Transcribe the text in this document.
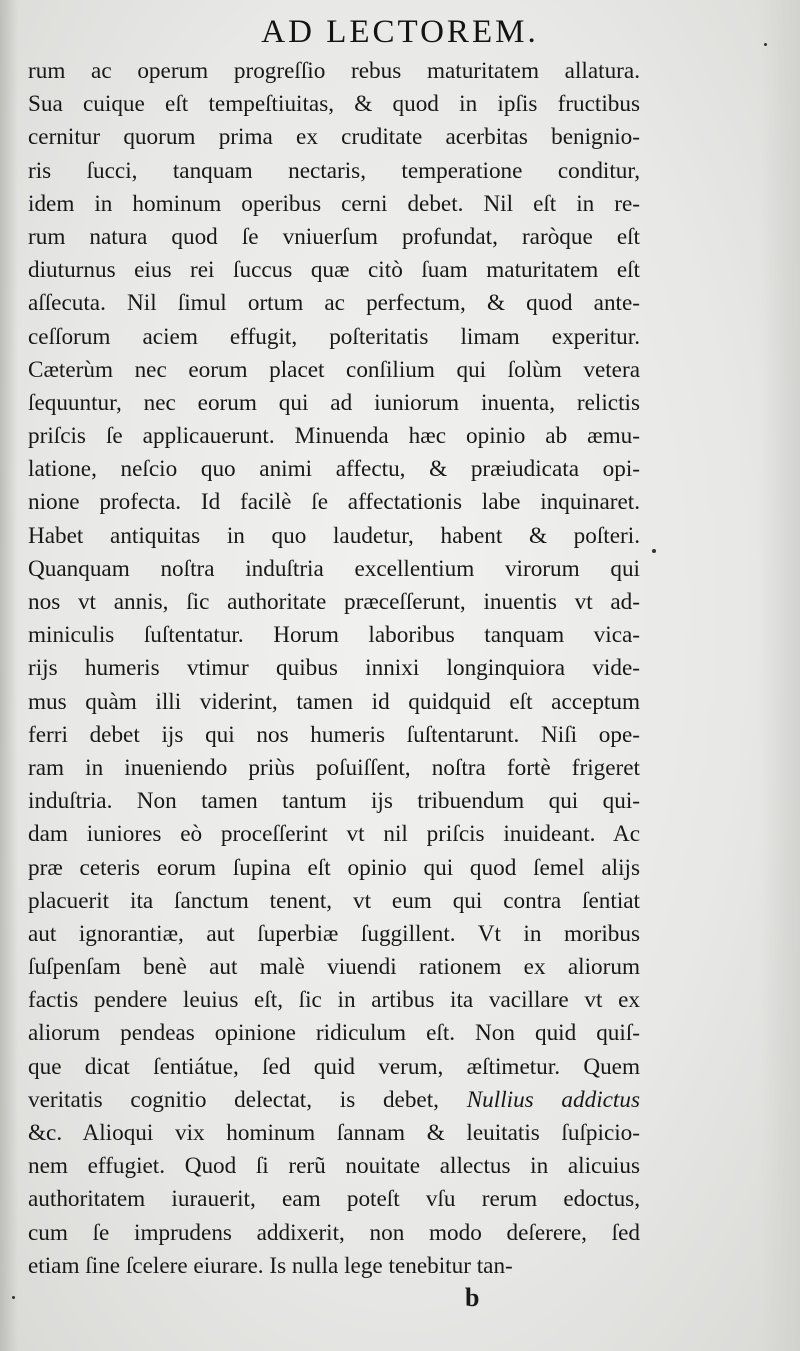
AD LECTOREM.
rum ac operum progreſſio rebus maturitatem allatura.
Sua cuique eſt tempeſtiuitas, & quod in ipſis fructibus
cernitur quorum prima ex cruditate acerbitas benignio-
ris ſucci, tanquam nectaris, temperatione conditur,
idem in hominum operibus cerni debet. Nil eſt in re-
rum natura quod ſe vniuerſum profundat, raròque eſt
diuturnus eius rei ſuccus quæ citò ſuam maturitatem eſt
aſſecuta. Nil ſimul ortum ac perfectum, & quod ante-
ceſſorum aciem effugit, poſteritatis limam experitur.
Cæterùm nec eorum placet conſilium qui ſolùm vetera
ſequuntur, nec eorum qui ad iuniorum inuenta, relictis
priſcis ſe applicauerunt. Minuenda hæc opinio ab æmu-
latione, neſcio quo animi affectu, & præiudicata opi-
nione profecta. Id facilè ſe affectationis labe inquinaret.
Habet antiquitas in quo laudetur, habent & poſteri.
Quanquam noſtra induſtria excellentium virorum qui
nos vt annis, ſic authoritate præceſſerunt, inuentis vt ad-
miniculis ſuſtentatur. Horum laboribus tanquam vica-
rijs humeris vtimur quibus innixi longinquiora vide-
mus quàm illi viderint, tamen id quidquid eſt acceptum
ferri debet ijs qui nos humeris ſuſtentarunt. Niſi ope-
ram in inueniendo priùs poſuiſſent, noſtra fortè frigeret
induſtria. Non tamen tantum ijs tribuendum qui qui-
dam iuniores eò proceſſerint vt nil priſcis inuideant. Ac
præ ceteris eorum ſupina eſt opinio qui quod ſemel alijs
placuerit ita ſanctum tenent, vt eum qui contra ſentiat
aut ignorantiæ, aut ſuperbiæ ſuggillent. Vt in moribus
ſuſpenſam benè aut malè viuendi rationem ex aliorum
factis pendere leuius eſt, ſic in artibus ita vacillare vt ex
aliorum pendeas opinione ridiculum eſt. Non quid quiſ-
que dicat ſentiátue, ſed quid verum, æſtimetur. Quem
veritatis cognitio delectat, is debet, Nullius addictus
&c. Alioqui vix hominum ſannam & leuitatis ſuſpicio-
nem effugiet. Quod ſi rerũ nouitate allectus in alicuius
authoritatem iurauerit, eam poteſt vſu rerum edoctus,
cum ſe imprudens addixerit, non modo deſerere, ſed
etiam ſine ſcelere eiurare. Is nulla lege tenebitur tan-
b
